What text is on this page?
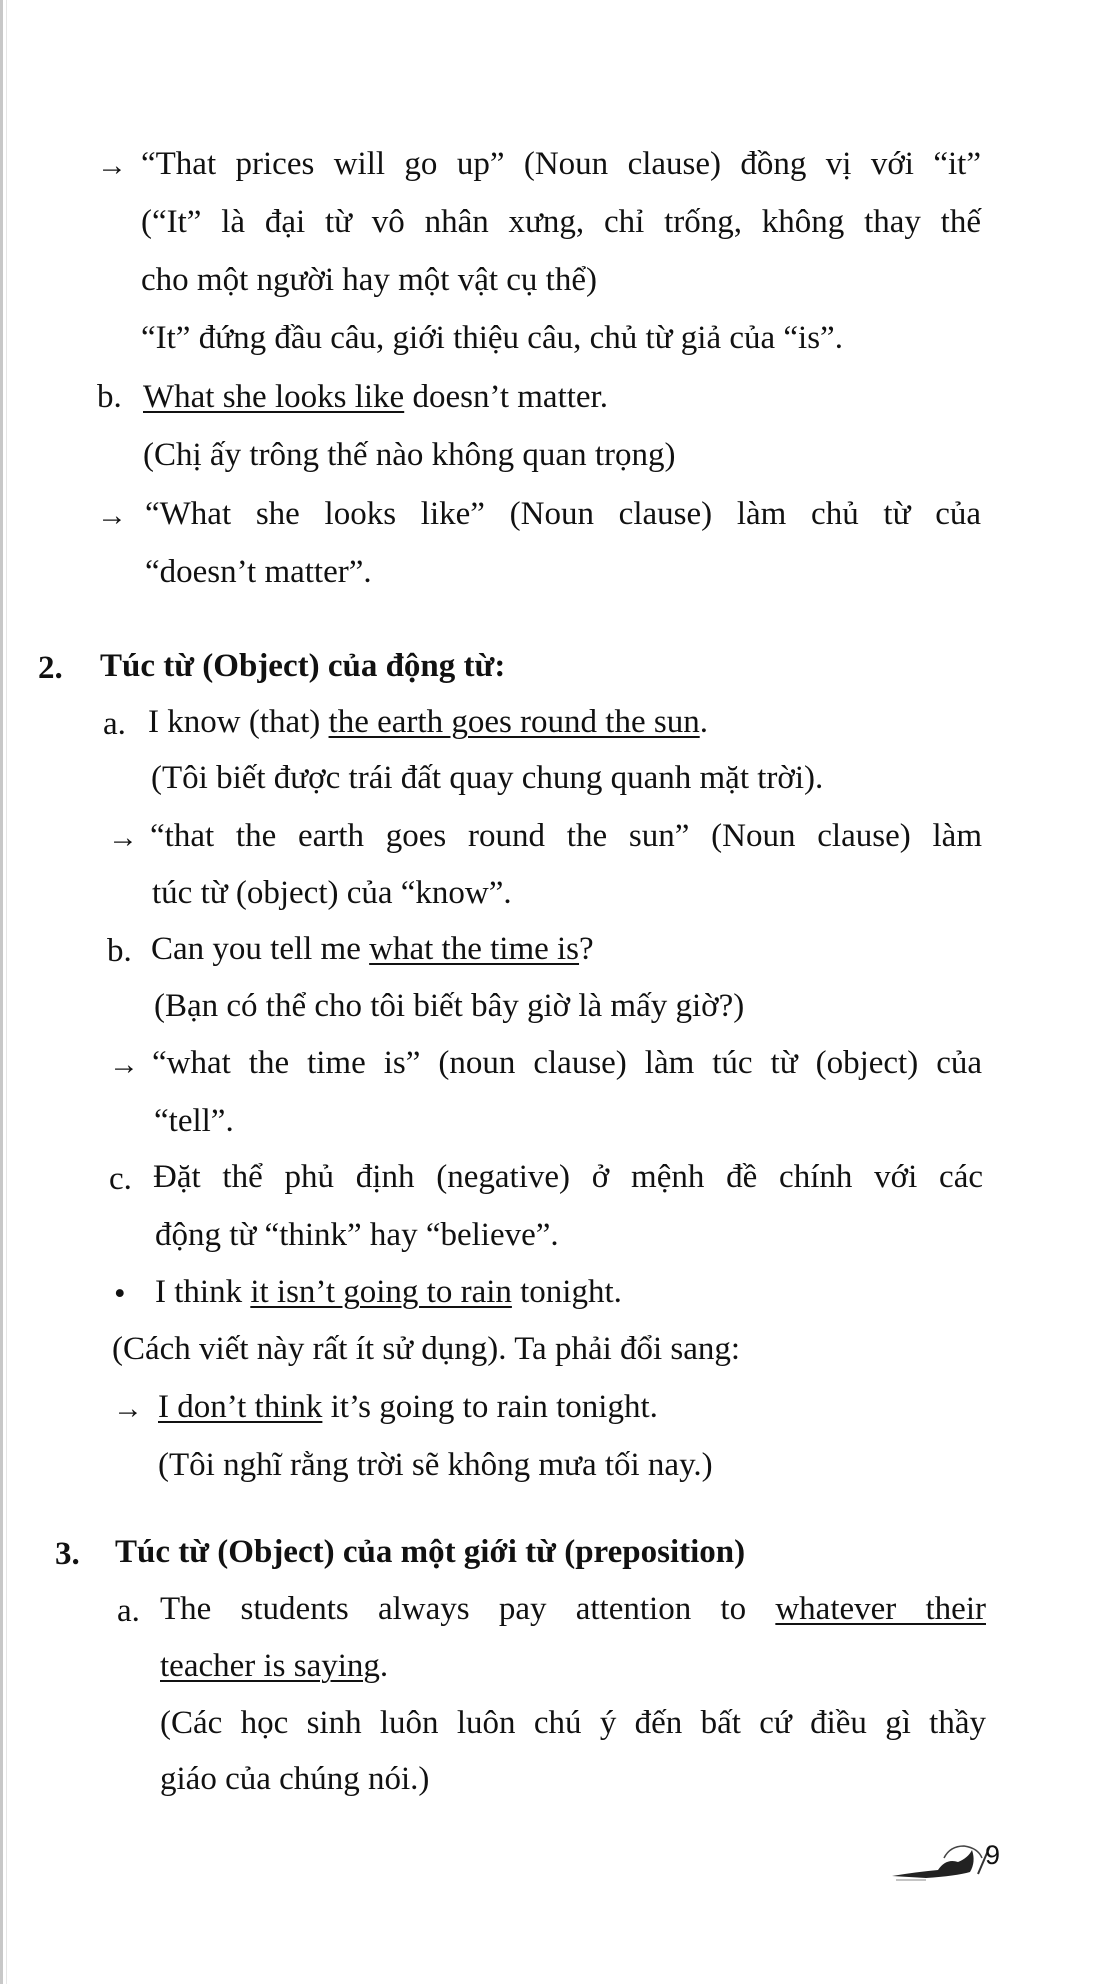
→ “That prices will go up” (Noun clause) đồng vị với “it”
(“It” là đại từ vô nhân xưng, chỉ trống, không thay thế
cho một người hay một vật cụ thể)
“It” đứng đầu câu, giới thiệu câu, chủ từ giả của “is”.
b. What she looks like doesn’t matter.
(Chị ấy trông thế nào không quan trọng)
→ “What she looks like” (Noun clause) làm chủ từ của
“doesn’t matter”.
2. Túc từ (Object) của động từ:
a. I know (that) the earth goes round the sun.
(Tôi biết được trái đất quay chung quanh mặt trời).
→ “that the earth goes round the sun” (Noun clause) làm
túc từ (object) của “know”.
b. Can you tell me what the time is?
(Bạn có thể cho tôi biết bây giờ là mấy giờ?)
→ “what the time is” (noun clause) làm túc từ (object) của
“tell”.
c. Đặt thể phủ định (negative) ở mệnh đề chính với các
động từ “think” hay “believe”.
• I think it isn’t going to rain tonight.
(Cách viết này rất ít sử dụng). Ta phải đổi sang:
→ I don’t think it’s going to rain tonight.
(Tôi nghĩ rằng trời sẽ không mưa tối nay.)
3. Túc từ (Object) của một giới từ (preposition)
a. The students always pay attention to whatever their
teacher is saying.
(Các học sinh luôn luôn chú ý đến bất cứ điều gì thầy
giáo của chúng nói.)
9
